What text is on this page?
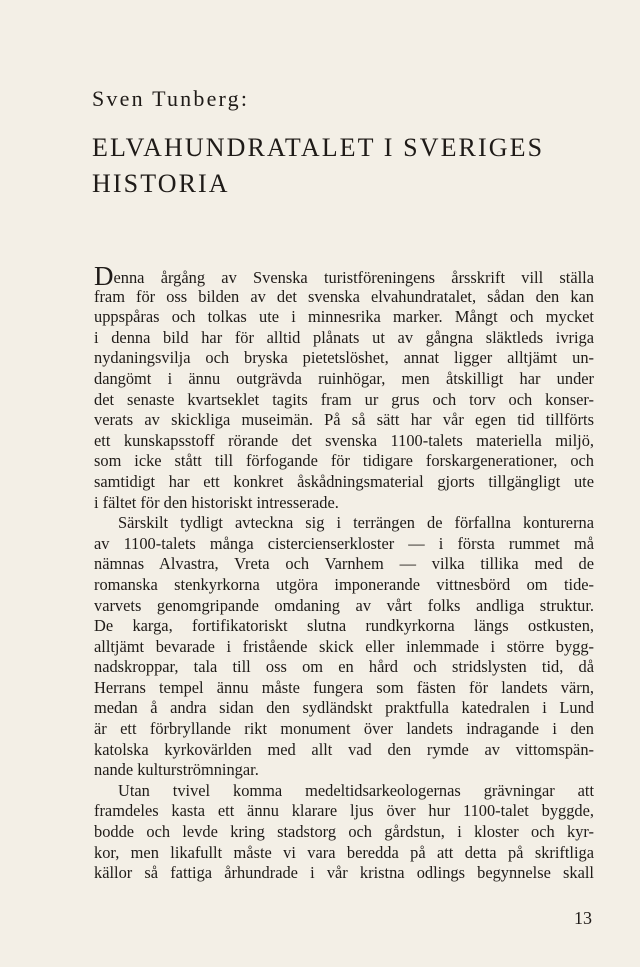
Sven Tunberg:
ELVAHUNDRATALET I SVERIGES
HISTORIA
Denna årgång av Svenska turistföreningens årsskrift vill ställa
fram för oss bilden av det svenska elvahundratalet, sådan den kan
uppspåras och tolkas ute i minnesrika marker. Mångt och mycket
i denna bild har för alltid plånats ut av gångna släktleds ivriga
nydaningsvilja och bryska pietetslöshet, annat ligger alltjämt un-
dangömt i ännu outgrävda ruinhögar, men åtskilligt har under
det senaste kvartseklet tagits fram ur grus och torv och konser-
verats av skickliga museimän. På så sätt har vår egen tid tillförts
ett kunskapsstoff rörande det svenska 1100-talets materiella miljö,
som icke stått till förfogande för tidigare forskargenerationer, och
samtidigt har ett konkret åskådningsmaterial gjorts tillgängligt ute
i fältet för den historiskt intresserade.
Särskilt tydligt avteckna sig i terrängen de förfallna konturerna
av 1100-talets många cistercienserkloster — i första rummet må
nämnas Alvastra, Vreta och Varnhem — vilka tillika med de
romanska stenkyrkorna utgöra imponerande vittnesbörd om tide-
varvets genomgripande omdaning av vårt folks andliga struktur.
De karga, fortifikatoriskt slutna rundkyrkorna längs ostkusten,
alltjämt bevarade i fristående skick eller inlemmade i större bygg-
nadskroppar, tala till oss om en hård och stridslysten tid, då
Herrans tempel ännu måste fungera som fästen för landets värn,
medan å andra sidan den sydländskt praktfulla katedralen i Lund
är ett förbryllande rikt monument över landets indragande i den
katolska kyrkovärlden med allt vad den rymde av vittomspän-
nande kulturströmningar.
Utan tvivel komma medeltidsarkeologernas grävningar att
framdeles kasta ett ännu klarare ljus över hur 1100-talet byggde,
bodde och levde kring stadstorg och gårdstun, i kloster och kyr-
kor, men likafullt måste vi vara beredda på att detta på skriftliga
källor så fattiga århundrade i vår kristna odlings begynnelse skall
13
